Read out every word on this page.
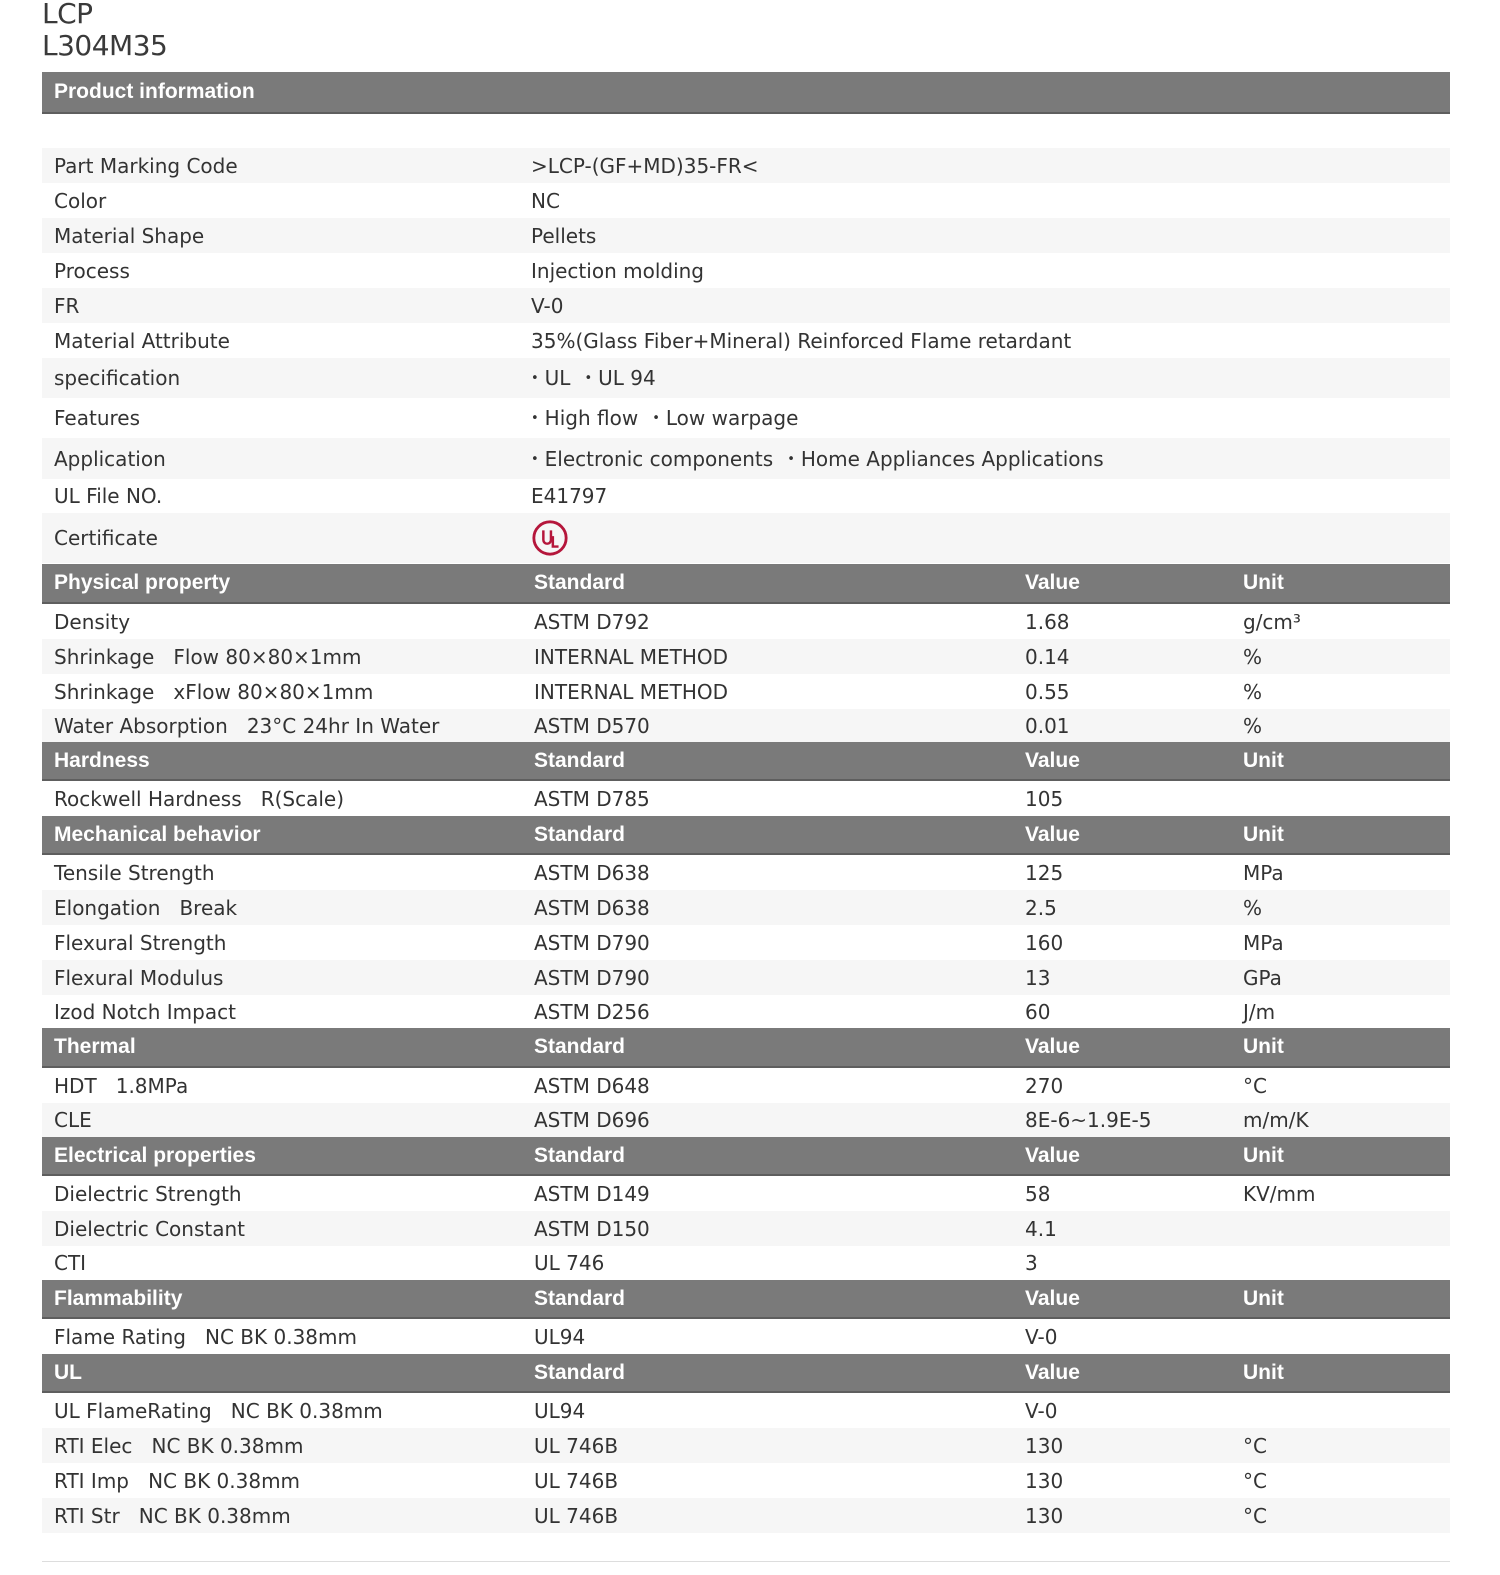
LCP
L304M35
Product information
Part Marking Code	>LCP-(GF+MD)35-FR<
Color	NC
Material Shape	Pellets
Process	Injection molding
FR	V-0
Material Attribute	35%(Glass Fiber+Mineral) Reinforced Flame retardant
specification	• UL • UL 94
Features	• High flow • Low warpage
Application	• Electronic components • Home Appliances Applications
UL File NO.	E41797
Certificate
Physical property	Standard	Value	Unit
Density	ASTM D792	1.68	g/cm³
Shrinkage   Flow 80×80×1mm	INTERNAL METHOD	0.14	%
Shrinkage   xFlow 80×80×1mm	INTERNAL METHOD	0.55	%
Water Absorption   23°C 24hr In Water	ASTM D570	0.01	%
Hardness	Standard	Value	Unit
Rockwell Hardness   R(Scale)	ASTM D785	105
Mechanical behavior	Standard	Value	Unit
Tensile Strength	ASTM D638	125	MPa
Elongation   Break	ASTM D638	2.5	%
Flexural Strength	ASTM D790	160	MPa
Flexural Modulus	ASTM D790	13	GPa
Izod Notch Impact	ASTM D256	60	J/m
Thermal	Standard	Value	Unit
HDT   1.8MPa	ASTM D648	270	°C
CLE	ASTM D696	8E-6~1.9E-5	m/m/K
Electrical properties	Standard	Value	Unit
Dielectric Strength	ASTM D149	58	KV/mm
Dielectric Constant	ASTM D150	4.1
CTI	UL 746	3
Flammability	Standard	Value	Unit
Flame Rating   NC BK 0.38mm	UL94	V-0
UL	Standard	Value	Unit
UL FlameRating   NC BK 0.38mm	UL94	V-0
RTI Elec   NC BK 0.38mm	UL 746B	130	°C
RTI Imp   NC BK 0.38mm	UL 746B	130	°C
RTI Str   NC BK 0.38mm	UL 746B	130	°C
